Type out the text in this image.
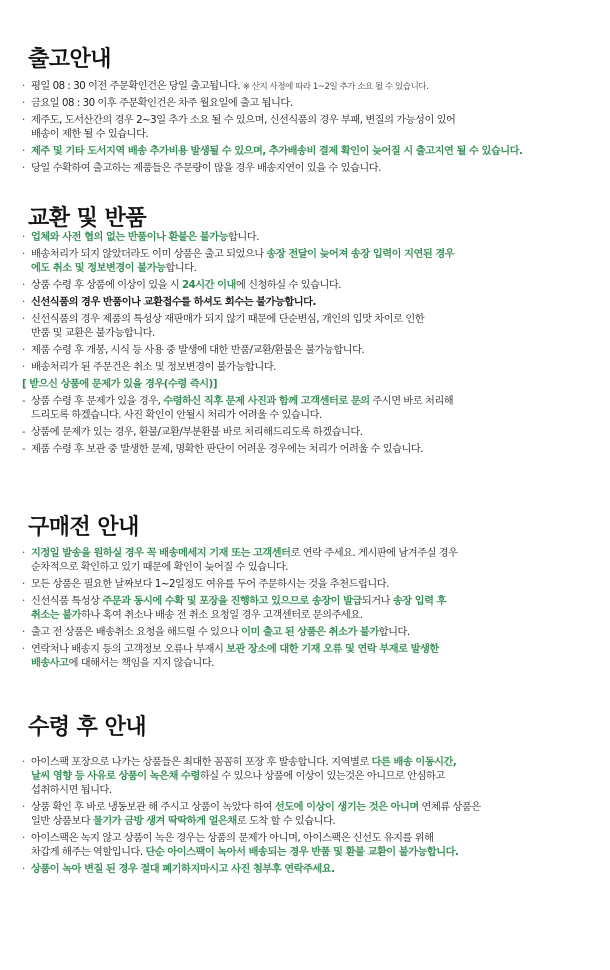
출고안내
· 평일 08 : 30 이전 주문확인건은 당일 출고됩니다. ※ 산지 사정에 따라 1~2일 추가 소요 될 수 있습니다.
· 금요일 08 : 30 이후 주문확인건은 차주 월요일에 출고 됩니다.
· 제주도, 도서산간의 경우 2~3일 추가 소요 될 수 있으며, 신선식품의 경우 부패, 변질의 가능성이 있어
배송이 제한 될 수 있습니다.
· 제주 및 기타 도서지역 배송 추가비용 발생될 수 있으며, 추가배송비 결제 확인이 늦어질 시 출고지연 될 수 있습니다.
· 당일 수확하여 출고하는 제품들은 주문량이 많을 경우 배송지연이 있을 수 있습니다.
교환 및 반품
· 업체와 사전 협의 없는 반품이나 환불은 불가능합니다.
· 배송처리가 되지 않았더라도 이미 상품은 출고 되었으나 송장 전달이 늦어져 송장 입력이 지연된 경우
에도 취소 및 정보변경이 불가능합니다.
· 상품 수령 후 상품에 이상이 있을 시 24시간 이내에 신청하실 수 있습니다.
· 신선식품의 경우 반품이나 교환접수를 하셔도 회수는 불가능합니다.
· 신선식품의 경우 제품의 특성상 재판매가 되지 않기 때문에 단순변심, 개인의 입맛 차이로 인한
반품 및 교환은 불가능합니다.
· 제품 수령 후 개봉, 시식 등 사용 중 발생에 대한 반품/교환/환불은 불가능합니다.
· 배송처리가 된 주문건은 취소 및 정보변경이 불가능합니다.
[ 받으신 상품에 문제가 있을 경우(수령 즉시)]
- 상품 수령 후 문제가 있을 경우, 수령하신 직후 문제 사진과 함께 고객센터로 문의 주시면 바로 처리해
드리도록 하겠습니다. 사진 확인이 안될시 처리가 어려울 수 있습니다.
- 상품에 문제가 있는 경우, 환불/교환/부분환불 바로 처리해드리도록 하겠습니다.
- 제품 수령 후 보관 중 발생한 문제, 명확한 판단이 어려운 경우에는 처리가 어려울 수 있습니다.
구매전 안내
· 지정일 발송을 원하실 경우 꼭 배송메세지 기재 또는 고객센터로 연락 주세요. 게시판에 남겨주실 경우
순차적으로 확인하고 있기 때문에 확인이 늦어질 수 있습니다.
· 모든 상품은 필요한 날짜보다 1~2일정도 여유를 두어 주문하시는 것을 추천드립니다.
· 신선식품 특성상 주문과 동시에 수확 및 포장을 진행하고 있으므로 송장이 발급되거나 송장 입력 후
취소는 불가하나 혹여 취소나 배송 전 취소 요청일 경우 고객센터로 문의주세요.
· 출고 전 상품은 배송취소 요청을 해드릴 수 있으나 이미 출고 된 상품은 취소가 불가합니다.
· 연락처나 배송지 등의 고객정보 오류나 부재시 보관 장소에 대한 기재 오류 및 연락 부재로 발생한
배송사고에 대해서는 책임을 지지 않습니다.
수령 후 안내
· 아이스팩 포장으로 나가는 상품들은 최대한 꼼꼼히 포장 후 발송합니다. 지역별로 다른 배송 이동시간,
날씨 영향 등 사유로 상품이 녹은채 수령하실 수 있으나 상품에 이상이 있는것은 아니므로 안심하고
섭취하시면 됩니다.
· 상품 확인 후 바로 냉동보관 해 주시고 상품이 녹았다 하여 선도에 이상이 생기는 것은 아니며 연체류 상품은
일반 상품보다 물기가 금방 생겨 딱딱하게 얼은채로 도착 할 수 있습니다.
· 아이스팩은 녹지 않고 상품이 녹은 경우는 상품의 문제가 아니며, 아이스팩은 신선도 유지를 위해
차갑게 해주는 역할입니다. 단순 아이스팩이 녹아서 배송되는 경우 반품 및 환불 교환이 불가능합니다.
· 상품이 녹아 변질 된 경우 절대 폐기하지마시고 사진 첨부후 연락주세요.
